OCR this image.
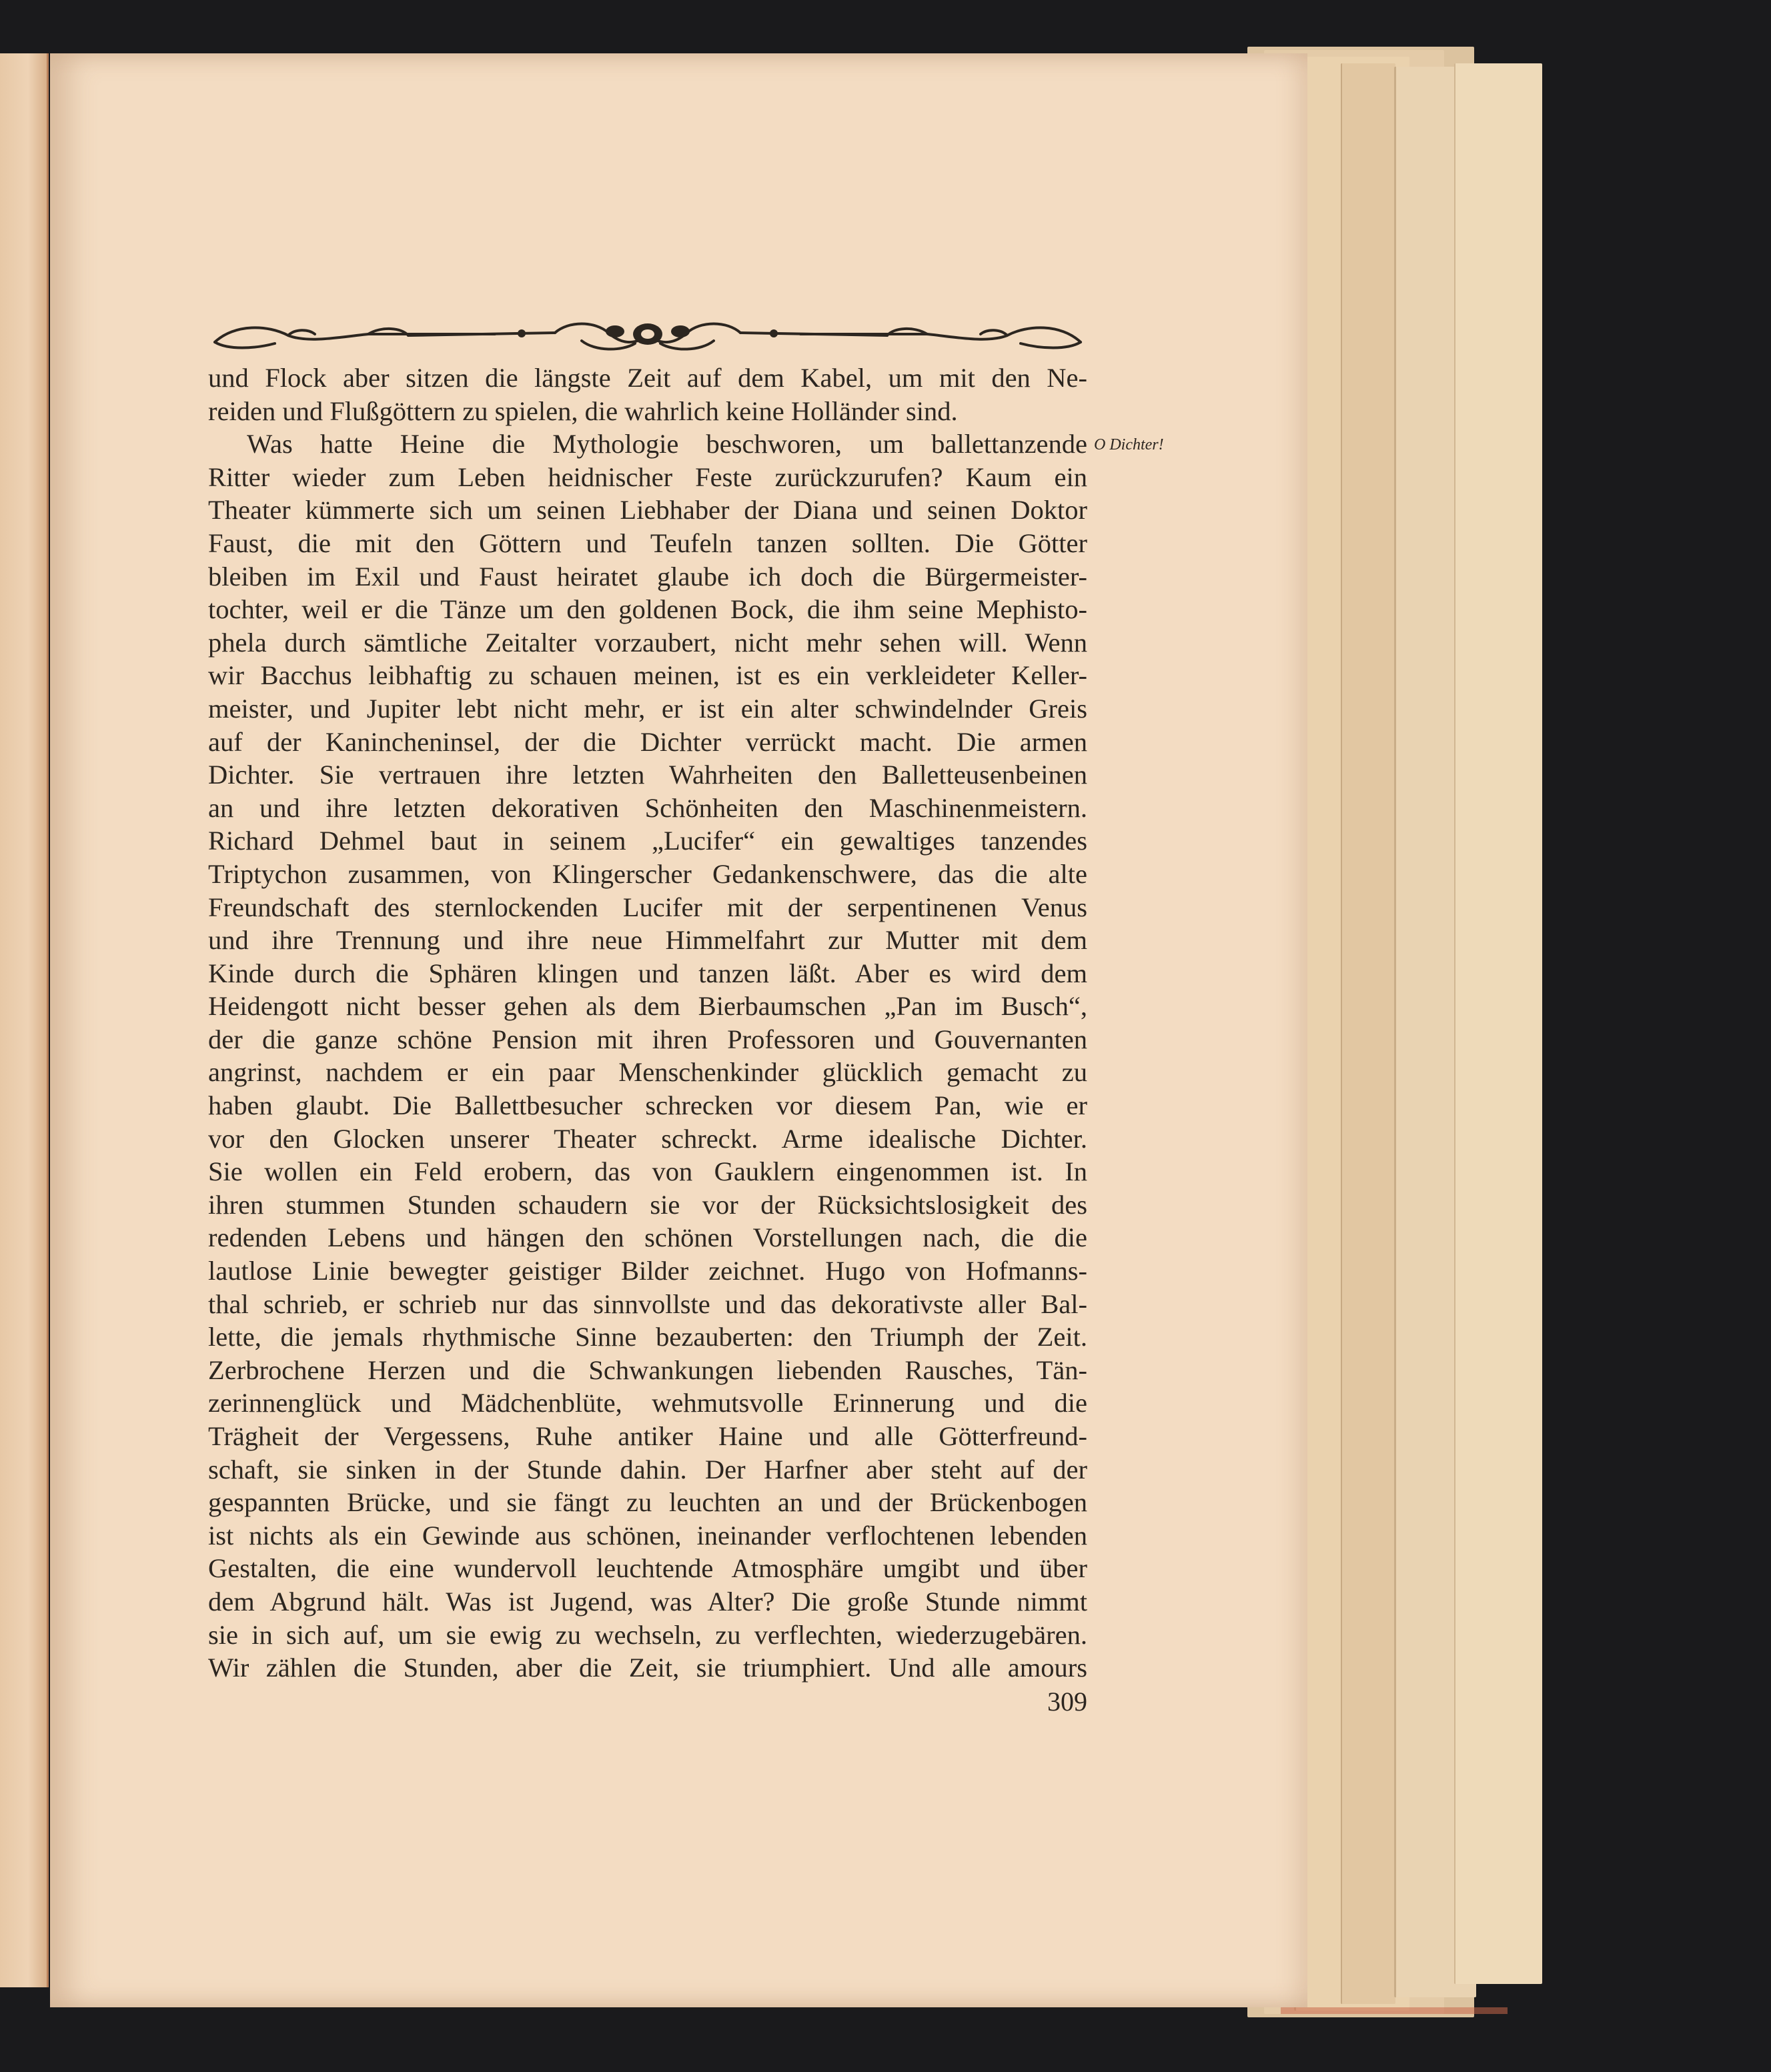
und Flock aber sitzen die längste Zeit auf dem Kabel, um mit den Ne-
reiden und Flußgöttern zu spielen, die wahrlich keine Holländer sind.
Was hatte Heine die Mythologie beschworen, um ballettanzende
Ritter wieder zum Leben heidnischer Feste zurückzurufen? Kaum ein
Theater kümmerte sich um seinen Liebhaber der Diana und seinen Doktor
Faust, die mit den Göttern und Teufeln tanzen sollten. Die Götter
bleiben im Exil und Faust heiratet glaube ich doch die Bürgermeister-
tochter, weil er die Tänze um den goldenen Bock, die ihm seine Mephisto-
phela durch sämtliche Zeitalter vorzaubert, nicht mehr sehen will. Wenn
wir Bacchus leibhaftig zu schauen meinen, ist es ein verkleideter Keller-
meister, und Jupiter lebt nicht mehr, er ist ein alter schwindelnder Greis
auf der Kanincheninsel, der die Dichter verrückt macht. Die armen
Dichter. Sie vertrauen ihre letzten Wahrheiten den Balletteusenbeinen
an und ihre letzten dekorativen Schönheiten den Maschinenmeistern.
Richard Dehmel baut in seinem „Lucifer“ ein gewaltiges tanzendes
Triptychon zusammen, von Klingerscher Gedankenschwere, das die alte
Freundschaft des sternlockenden Lucifer mit der serpentinenen Venus
und ihre Trennung und ihre neue Himmelfahrt zur Mutter mit dem
Kinde durch die Sphären klingen und tanzen läßt. Aber es wird dem
Heidengott nicht besser gehen als dem Bierbaumschen „Pan im Busch“,
der die ganze schöne Pension mit ihren Professoren und Gouvernanten
angrinst, nachdem er ein paar Menschenkinder glücklich gemacht zu
haben glaubt. Die Ballettbesucher schrecken vor diesem Pan, wie er
vor den Glocken unserer Theater schreckt. Arme idealische Dichter.
Sie wollen ein Feld erobern, das von Gauklern eingenommen ist. In
ihren stummen Stunden schaudern sie vor der Rücksichtslosigkeit des
redenden Lebens und hängen den schönen Vorstellungen nach, die die
lautlose Linie bewegter geistiger Bilder zeichnet. Hugo von Hofmanns-
thal schrieb, er schrieb nur das sinnvollste und das dekorativste aller Bal-
lette, die jemals rhythmische Sinne bezauberten: den Triumph der Zeit.
Zerbrochene Herzen und die Schwankungen liebenden Rausches, Tän-
zerinnenglück und Mädchenblüte, wehmutsvolle Erinnerung und die
Trägheit der Vergessens, Ruhe antiker Haine und alle Götterfreund-
schaft, sie sinken in der Stunde dahin. Der Harfner aber steht auf der
gespannten Brücke, und sie fängt zu leuchten an und der Brückenbogen
ist nichts als ein Gewinde aus schönen, ineinander verflochtenen lebenden
Gestalten, die eine wundervoll leuchtende Atmosphäre umgibt und über
dem Abgrund hält. Was ist Jugend, was Alter? Die große Stunde nimmt
sie in sich auf, um sie ewig zu wechseln, zu verflechten, wiederzugebären.
Wir zählen die Stunden, aber die Zeit, sie triumphiert. Und alle amours
O Dichter!
309
